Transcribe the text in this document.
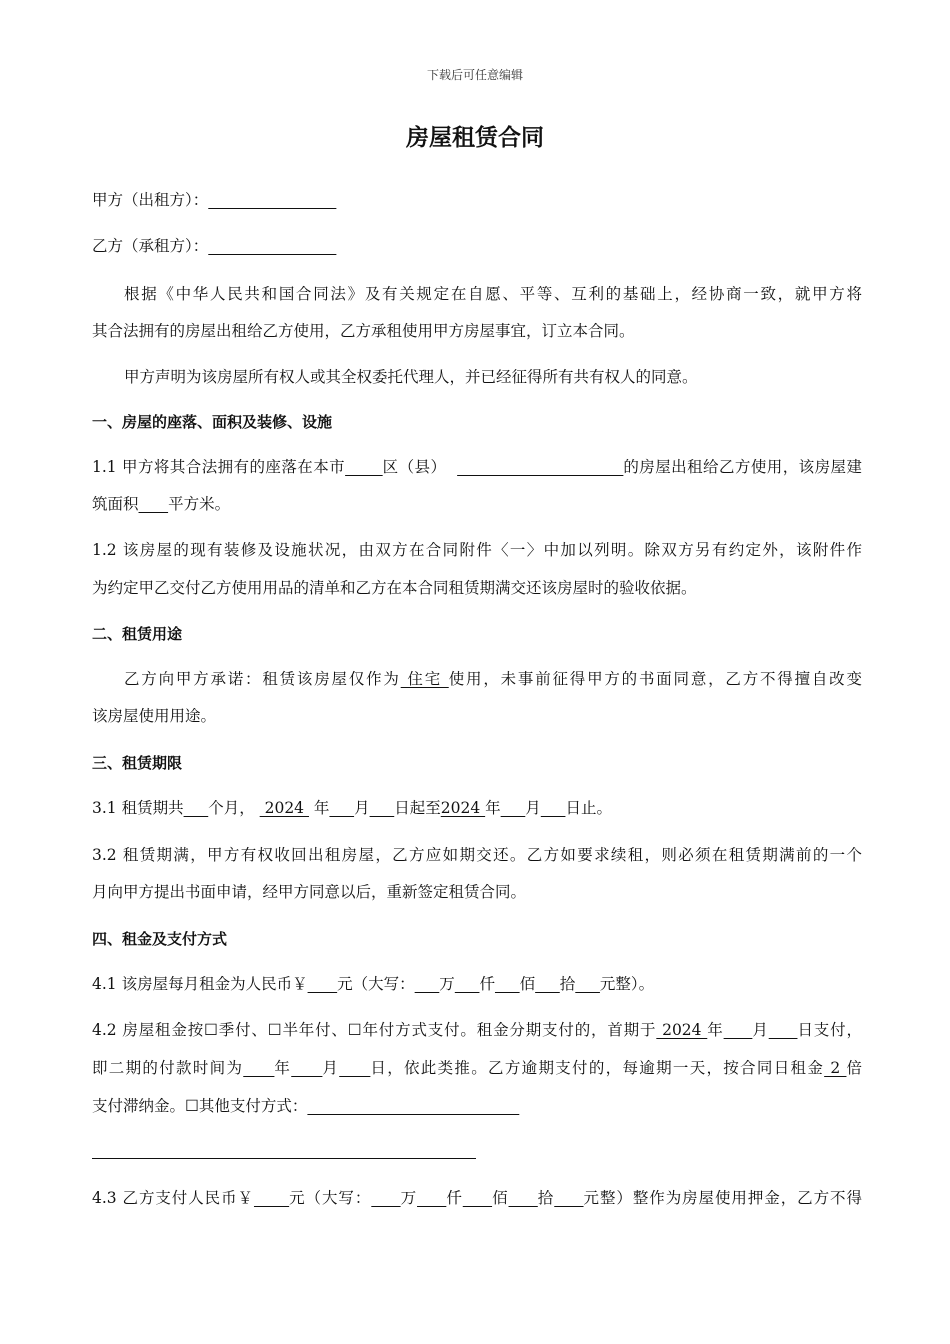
下载后可任意编辑
房屋租赁合同
甲方（出租方）：
乙方（承租方）：
根据《中华人民共和国合同法》及有关规定在自愿、平等、互利的基础上，经协商一致，就甲方将
其合法拥有的房屋出租给乙方使用，乙方承租使用甲方房屋事宜，订立本合同。
甲方声明为该房屋所有权人或其全权委托代理人，并已经征得所有共有权人的同意。
一、房屋的座落、面积及装修、设施
1.1 甲方将其合法拥有的座落在本市 区（县）	的房屋出租给乙方使用，该房屋建
筑面积 平方米。
1.2 该房屋的现有装修及设施状况，由双方在合同附件〈一〉中加以列明。除双方另有约定外，该附件作
为约定甲乙交付乙方使用用品的清单和乙方在本合同租赁期满交还该房屋时的验收依据。
二、租赁用途
乙方向甲方承诺：租赁该房屋仅作为 住宅 使用，未事前征得甲方的书面同意，乙方不得擅自改变
该房屋使用用途。
三、租赁期限
3.1 租赁期共 个月，  2024  年 月 日起至2024 年 月 日止。
3.2 租赁期满，甲方有权收回出租房屋，乙方应如期交还。乙方如要求续租，则必须在租赁期满前的一个
月向甲方提出书面申请，经甲方同意以后，重新签定租赁合同。
四、租金及支付方式
4.1 该房屋每月租金为人民币￥ 元（大写： 万 仟 佰 拾 元整）。
4.2 房屋租金按☐季付、☐半年付、☐年付方式支付。租金分期支付的，首期于 2024 年 月 日支付，
即二期的付款时间为 年 月 日，依此类推。乙方逾期支付的，每逾期一天，按合同日租金 2 倍
支付滞纳金。☐其他支付方式：
4.3 乙方支付人民币￥ 元（大写： 万 仟 佰 拾 元整）整作为房屋使用押金，乙方不得
